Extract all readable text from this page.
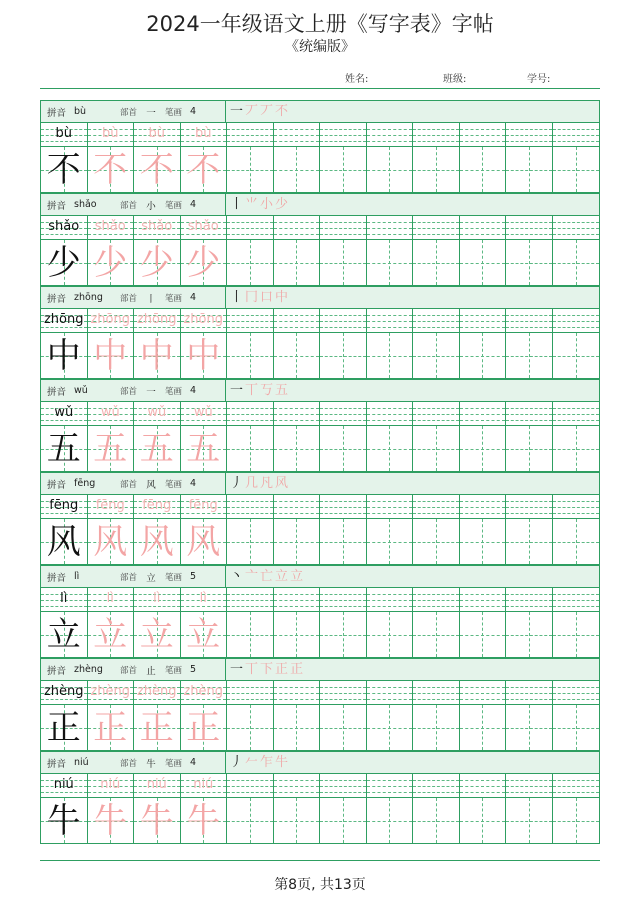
2024一年级语文上册《写字表》字帖
《统编版》
姓名:	班级:	学号:
拼音 bù	部首 一	笔画 4	一 丆 丆 不
bù	bù	bù	bù
不 不 不 不
拼音 shǎo	部首 小	笔画 4	丨 ⺌ 小 少
shǎo	shǎo	shǎo	shǎo
少 少 少 少
拼音 zhōng	部首 丨	笔画 4	丨 冂 口 中
zhōng zhōng zhōng zhōng
中 中 中 中
拼音 wǔ	部首 一	笔画 4	一 丅 丂 五
wǔ	wǔ	wǔ	wǔ
五 五 五 五
拼音 fēng	部首 风	笔画 4	丿 几 凡 风
fēng	fēng	fēng	fēng
风 风 风 风
拼音 lì	部首 立	笔画 5	丶 亠 亡 立 立
lì	lì	lì	lì
立 立 立 立
拼音 zhèng	部首 止	笔画 5	一 丅 下 正 正
zhèng zhèng zhèng zhèng
正 正 正 正
拼音 niú	部首 牛	笔画 4	丿 𠂉 乍 牛
niú	niú	niú	niú
牛 牛 牛 牛
第8页, 共13页
